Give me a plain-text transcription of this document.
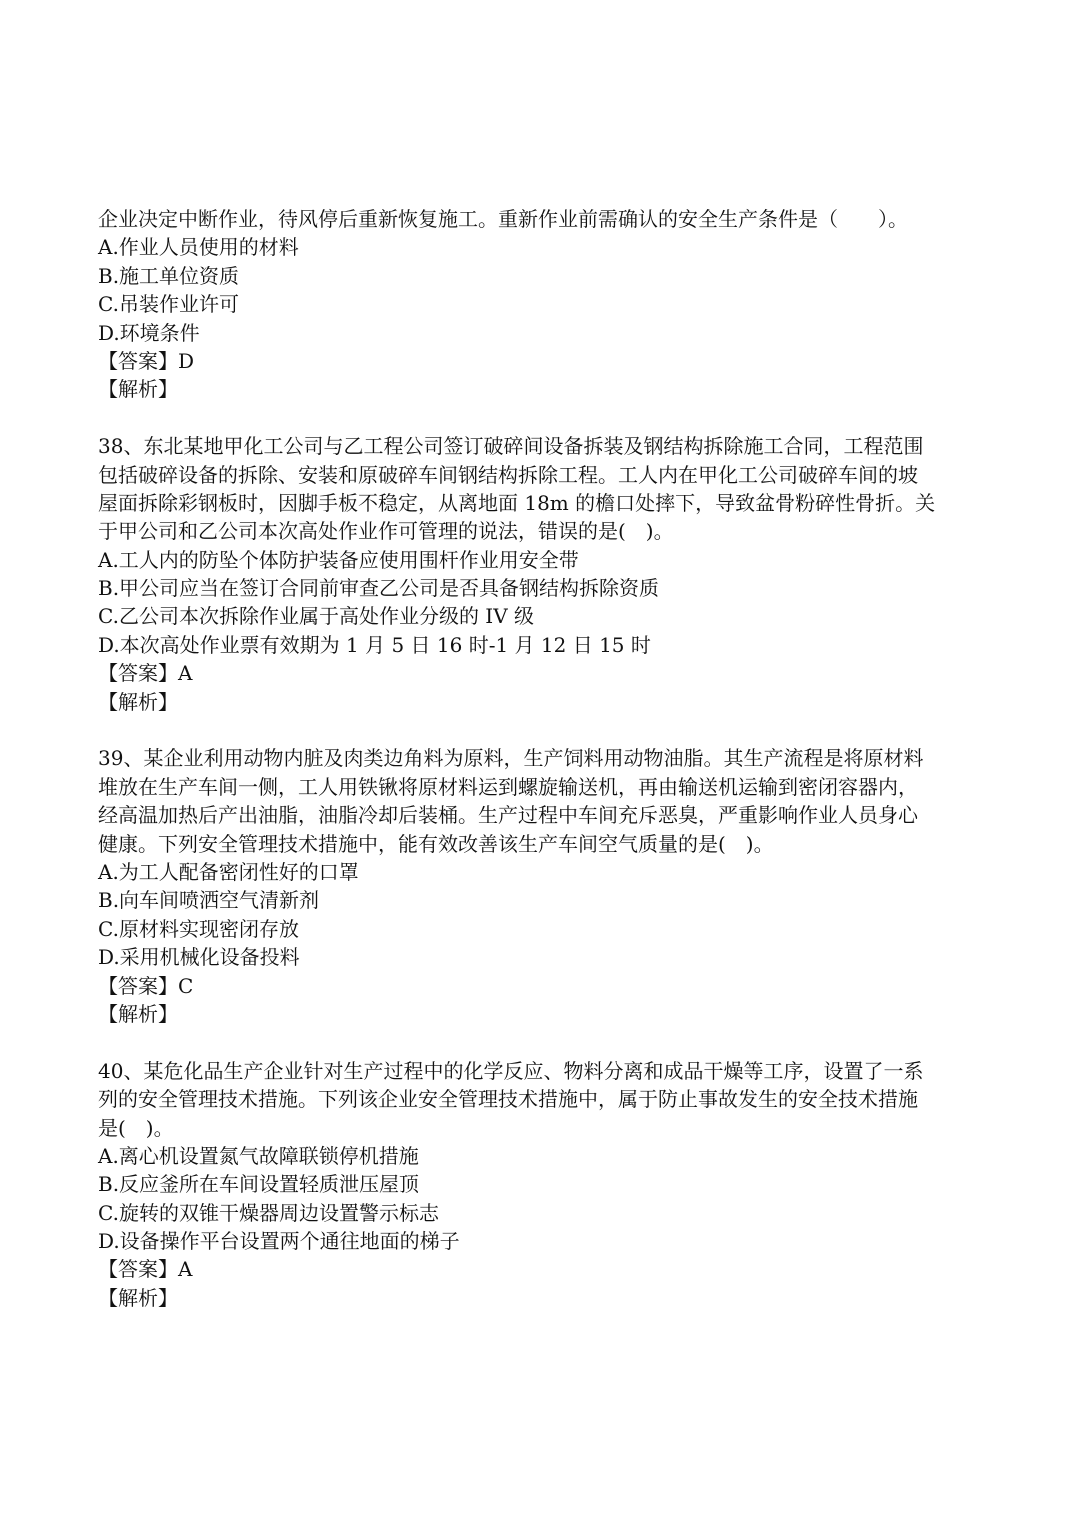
企业决定中断作业，待风停后重新恢复施工。重新作业前需确认的安全生产条件是（　　）。
A.作业人员使用的材料
B.施工单位资质
C.吊装作业许可
D.环境条件
【答案】D
【解析】
38、东北某地甲化工公司与乙工程公司签订破碎间设备拆装及钢结构拆除施工合同，工程范围
包括破碎设备的拆除、安装和原破碎车间钢结构拆除工程。工人内在甲化工公司破碎车间的坡
屋面拆除彩钢板时，因脚手板不稳定，从离地面 18m 的檐口处摔下，导致盆骨粉碎性骨折。关
于甲公司和乙公司本次高处作业作可管理的说法，错误的是(　)。
A.工人内的防坠个体防护装备应使用围杆作业用安全带
B.甲公司应当在签订合同前审查乙公司是否具备钢结构拆除资质
C.乙公司本次拆除作业属于高处作业分级的 IV 级
D.本次高处作业票有效期为 1 月 5 日 16 时-1 月 12 日 15 时
【答案】A
【解析】
39、某企业利用动物内脏及肉类边角料为原料，生产饲料用动物油脂。其生产流程是将原材料
堆放在生产车间一侧，工人用铁锹将原材料运到螺旋输送机，再由输送机运输到密闭容器内，
经高温加热后产出油脂，油脂冷却后装桶。生产过程中车间充斥恶臭，严重影响作业人员身心
健康。下列安全管理技术措施中，能有效改善该生产车间空气质量的是(　)。
A.为工人配备密闭性好的口罩
B.向车间喷洒空气清新剂
C.原材料实现密闭存放
D.采用机械化设备投料
【答案】C
【解析】
40、某危化品生产企业针对生产过程中的化学反应、物料分离和成品干燥等工序，设置了一系
列的安全管理技术措施。下列该企业安全管理技术措施中，属于防止事故发生的安全技术措施
是(　)。
A.离心机设置氮气故障联锁停机措施
B.反应釜所在车间设置轻质泄压屋顶
C.旋转的双锥干燥器周边设置警示标志
D.设备操作平台设置两个通往地面的梯子
【答案】A
【解析】
